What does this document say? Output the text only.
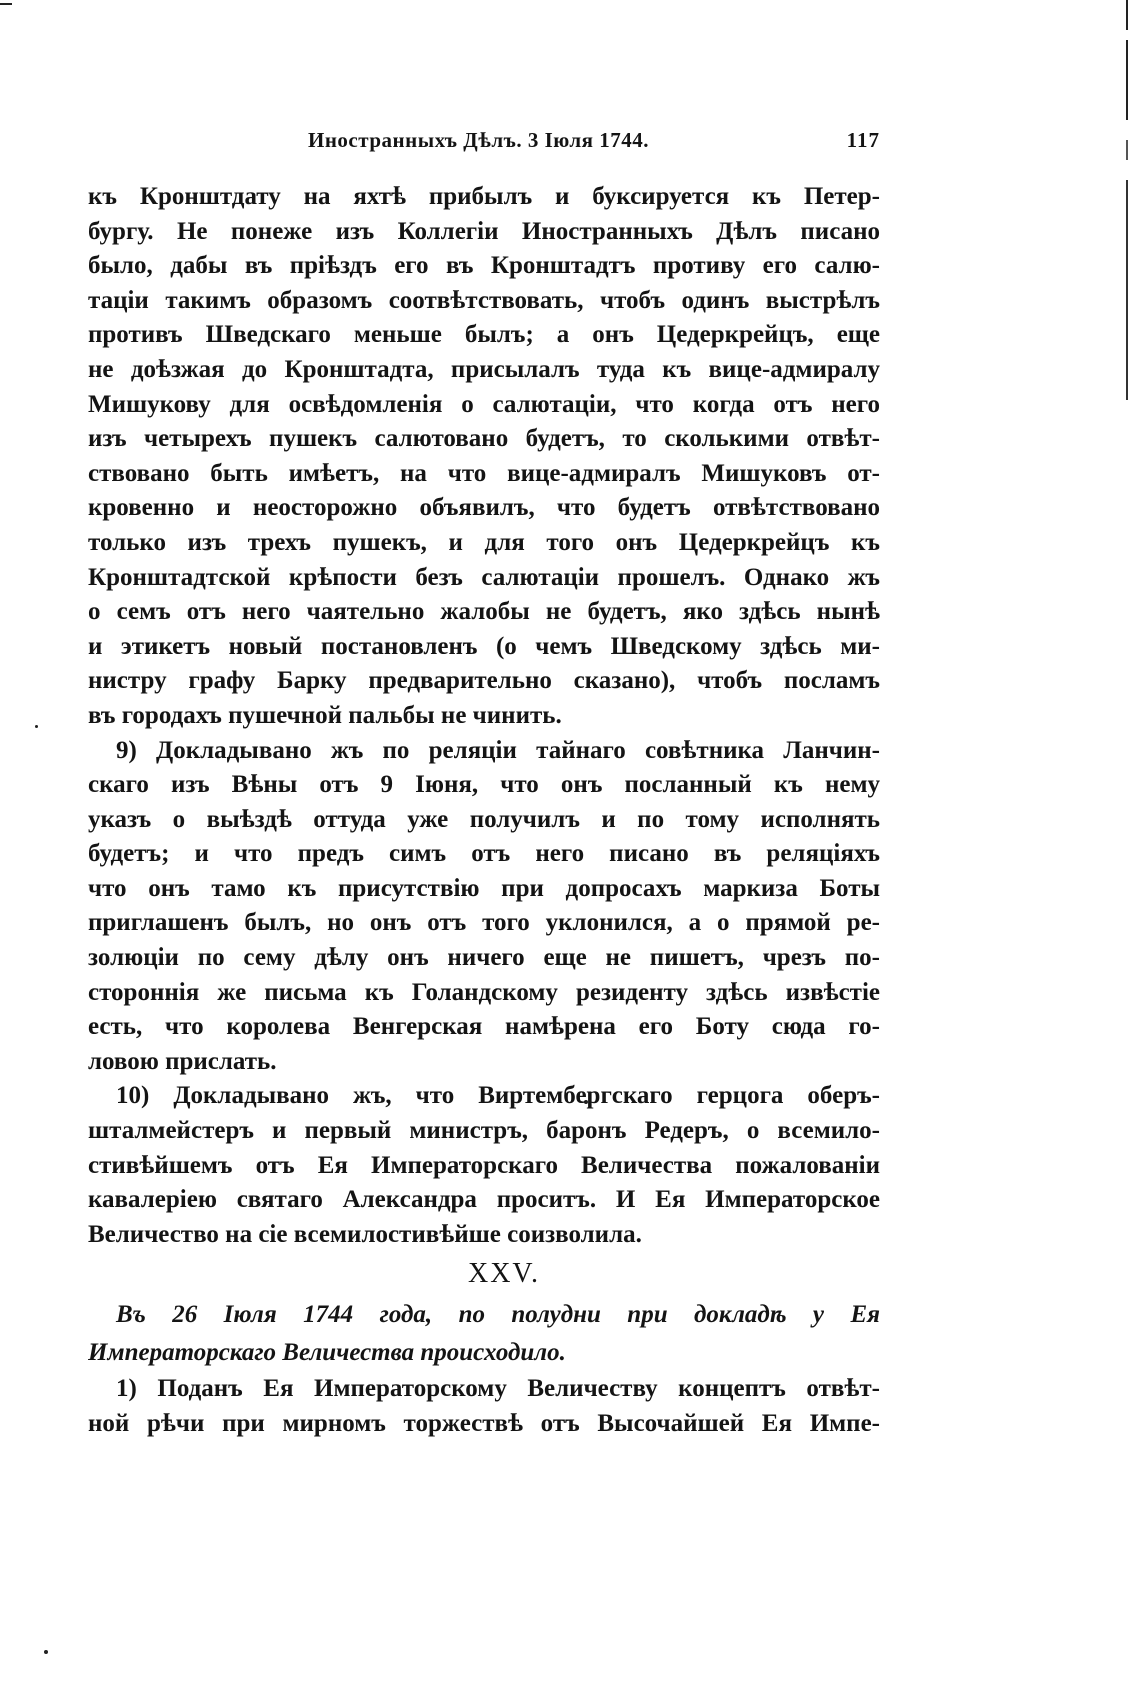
Иностранныхъ Дѣлъ. 3 Іюля 1744.	117
къ Кронштдату на яхтѣ прибылъ и буксируется къ Петер-
бургу. Не понеже изъ Коллегіи Иностранныхъ Дѣлъ писано
было, дабы въ пріѣздъ его въ Кронштадтъ противу его салю-
таціи такимъ образомъ соотвѣтствовать, чтобъ одинъ выстрѣлъ
противъ Шведскаго меньше былъ; а онъ Цедеркрейцъ, еще
не доѣзжая до Кронштадта, присылалъ туда къ вице-адмиралу
Мишукову для освѣдомленія о салютаціи, что когда отъ него
изъ четырехъ пушекъ салютовано будетъ, то сколькими отвѣт-
ствовано быть имѣетъ, на что вице-адмиралъ Мишуковъ от-
кровенно и неосторожно объявилъ, что будетъ отвѣтствовано
только изъ трехъ пушекъ, и для того онъ Цедеркрейцъ къ
Кронштадтской крѣпости безъ салютаціи прошелъ. Однако жъ
о семъ отъ него чаятельно жалобы не будетъ, яко здѣсь нынѣ
и этикетъ новый постановленъ (о чемъ Шведскому здѣсь ми-
нистру графу Барку предварительно сказано), чтобъ посламъ
въ городахъ пушечной пальбы не чинить.
9) Докладывано жъ по реляціи тайнаго совѣтника Ланчин-
скаго изъ Вѣны отъ 9 Іюня, что онъ посланный къ нему
указъ о выѣздѣ оттуда уже получилъ и по тому исполнять
будетъ; и что предъ симъ отъ него писано въ реляціяхъ
что онъ тамо къ присутствію при допросахъ маркиза Боты
приглашенъ былъ, но онъ отъ того уклонился, а о прямой ре-
золюціи по сему дѣлу онъ ничего еще не пишетъ, чрезъ по-
стороннія же письма къ Голандскому резиденту здѣсь извѣстіе
есть, что королева Венгерская намѣрена его Боту сюда го-
ловою прислать.
10) Докладывано жъ, что Виртембергскаго герцога оберъ-
шталмейстеръ и первый министръ, баронъ Редеръ, о всемило-
стивѣйшемъ отъ Ея Императорскаго Величества пожалованіи
кавалеріею святаго Александра проситъ. И Ея Императорское
Величество на сіе всемилостивѣйше соизволила.
XXV.
Въ 26 Іюля 1744 года, по полудни при докладѣ у Ея
Императорскаго Величества происходило.
1) Поданъ Ея Императорскому Величеству концептъ отвѣт-
ной рѣчи при мирномъ торжествѣ отъ Высочайшей Ея Импе-
